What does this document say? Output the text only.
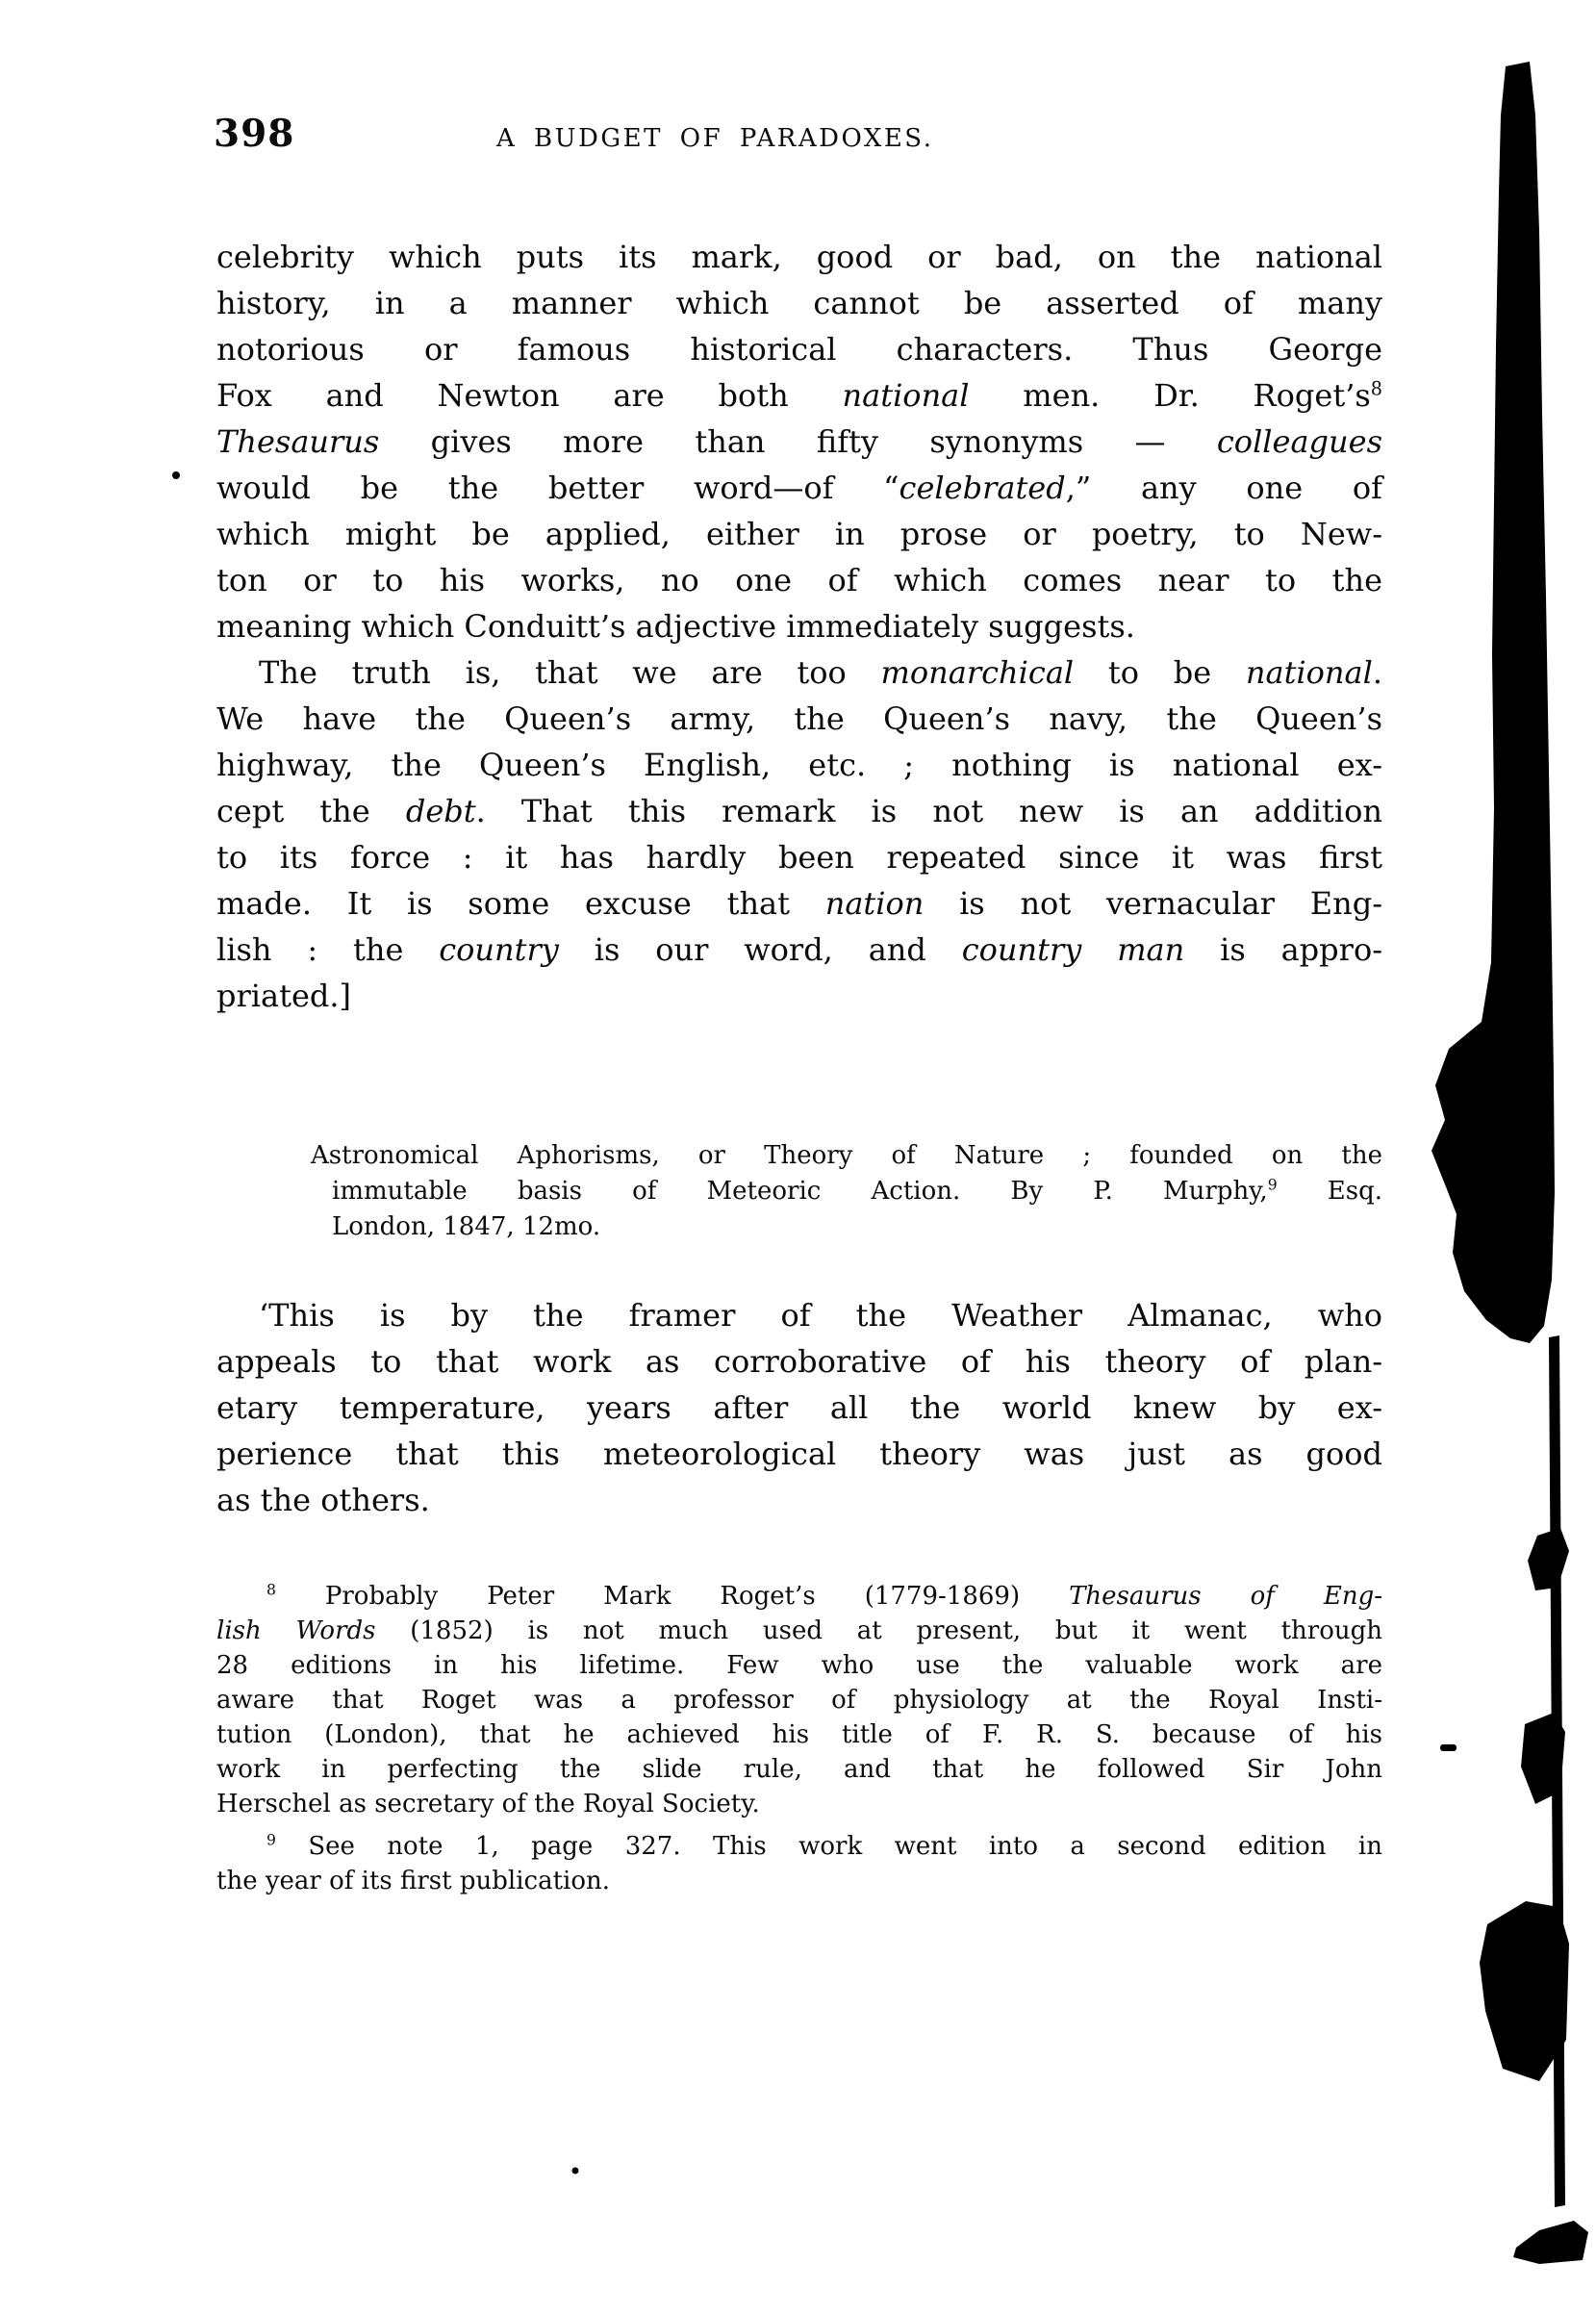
398	A BUDGET OF PARADOXES.
celebrity which puts its mark, good or bad, on the national
history, in a manner which cannot be asserted of many
notorious or famous historical characters. Thus George
Fox and Newton are both national men. Dr. $Roget’s^8$
Thesaurus gives more than fifty synonyms — colleagues
would be the better word—of “celebrated,” any one of
which might be applied, either in prose or poetry, to New-
ton or to his works, no one of which comes near to the
meaning which Conduitt’s adjective immediately suggests.
The truth is, that we are too monarchical to be national.
We have the Queen’s army, the Queen’s navy, the Queen’s
highway, the Queen’s English, etc. ; nothing is national ex-
cept the debt. That this remark is not new is an addition
to its force : it has hardly been repeated since it was first
made. It is some excuse that nation is not vernacular Eng-
lish : the country is our word, and country man is appro-
priated.]
Astronomical Aphorisms, or Theory of Nature ; founded on the
immutable basis of Meteoric Action. By P. Murphy,$^9$ Esq.
London, 1847, 12mo.
‘This is by the framer of the Weather Almanac, who
appeals to that work as corroborative of his theory of plan-
etary temperature, years after all the world knew by ex-
perience that this meteorological theory was just as good
as the others.
$^8$ Probably Peter Mark Roget’s (1779-1869) Thesaurus of Eng-
lish Words (1852) is not much used at present, but it went through
28 editions in his lifetime. Few who use the valuable work are
aware that Roget was a professor of physiology at the Royal Insti-
tution (London), that he achieved his title of F. R. S. because of his
work in perfecting the slide rule, and that he followed Sir John
Herschel as secretary of the Royal Society.
$^9$ See note 1, page 327. This work went into a second edition in
the year of its first publication.
